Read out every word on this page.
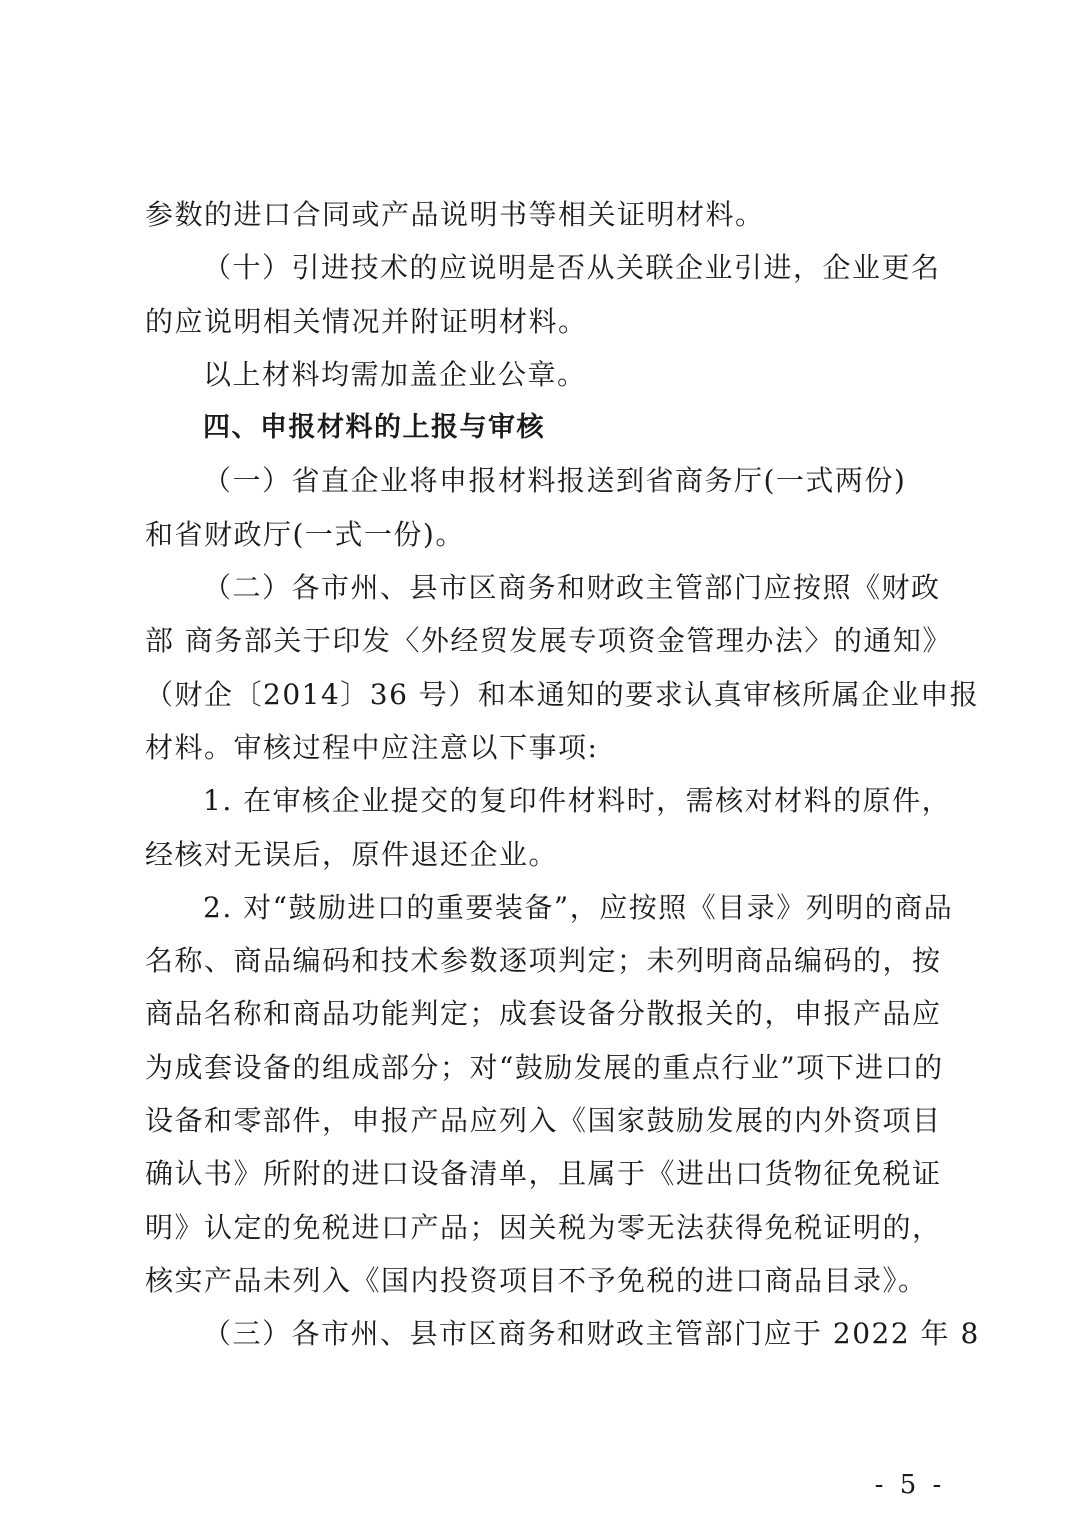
参数的进口合同或产品说明书等相关证明材料。
（十）引进技术的应说明是否从关联企业引进，企业更名
的应说明相关情况并附证明材料。
以上材料均需加盖企业公章。
四、申报材料的上报与审核
（一）省直企业将申报材料报送到省商务厅(一式两份)
和省财政厅(一式一份)。
（二）各市州、县市区商务和财政主管部门应按照《财政
部 商务部关于印发〈外经贸发展专项资金管理办法〉的通知》
（财企〔2014〕36 号）和本通知的要求认真审核所属企业申报
材料。审核过程中应注意以下事项:
1. 在审核企业提交的复印件材料时，需核对材料的原件，
经核对无误后，原件退还企业。
2. 对“鼓励进口的重要装备”，应按照《目录》列明的商品
名称、商品编码和技术参数逐项判定；未列明商品编码的，按
商品名称和商品功能判定；成套设备分散报关的，申报产品应
为成套设备的组成部分；对“鼓励发展的重点行业”项下进口的
设备和零部件，申报产品应列入《国家鼓励发展的内外资项目
确认书》所附的进口设备清单，且属于《进出口货物征免税证
明》认定的免税进口产品；因关税为零无法获得免税证明的，
核实产品未列入《国内投资项目不予免税的进口商品目录》。
（三）各市州、县市区商务和财政主管部门应于 2022 年 8
- 5 -
